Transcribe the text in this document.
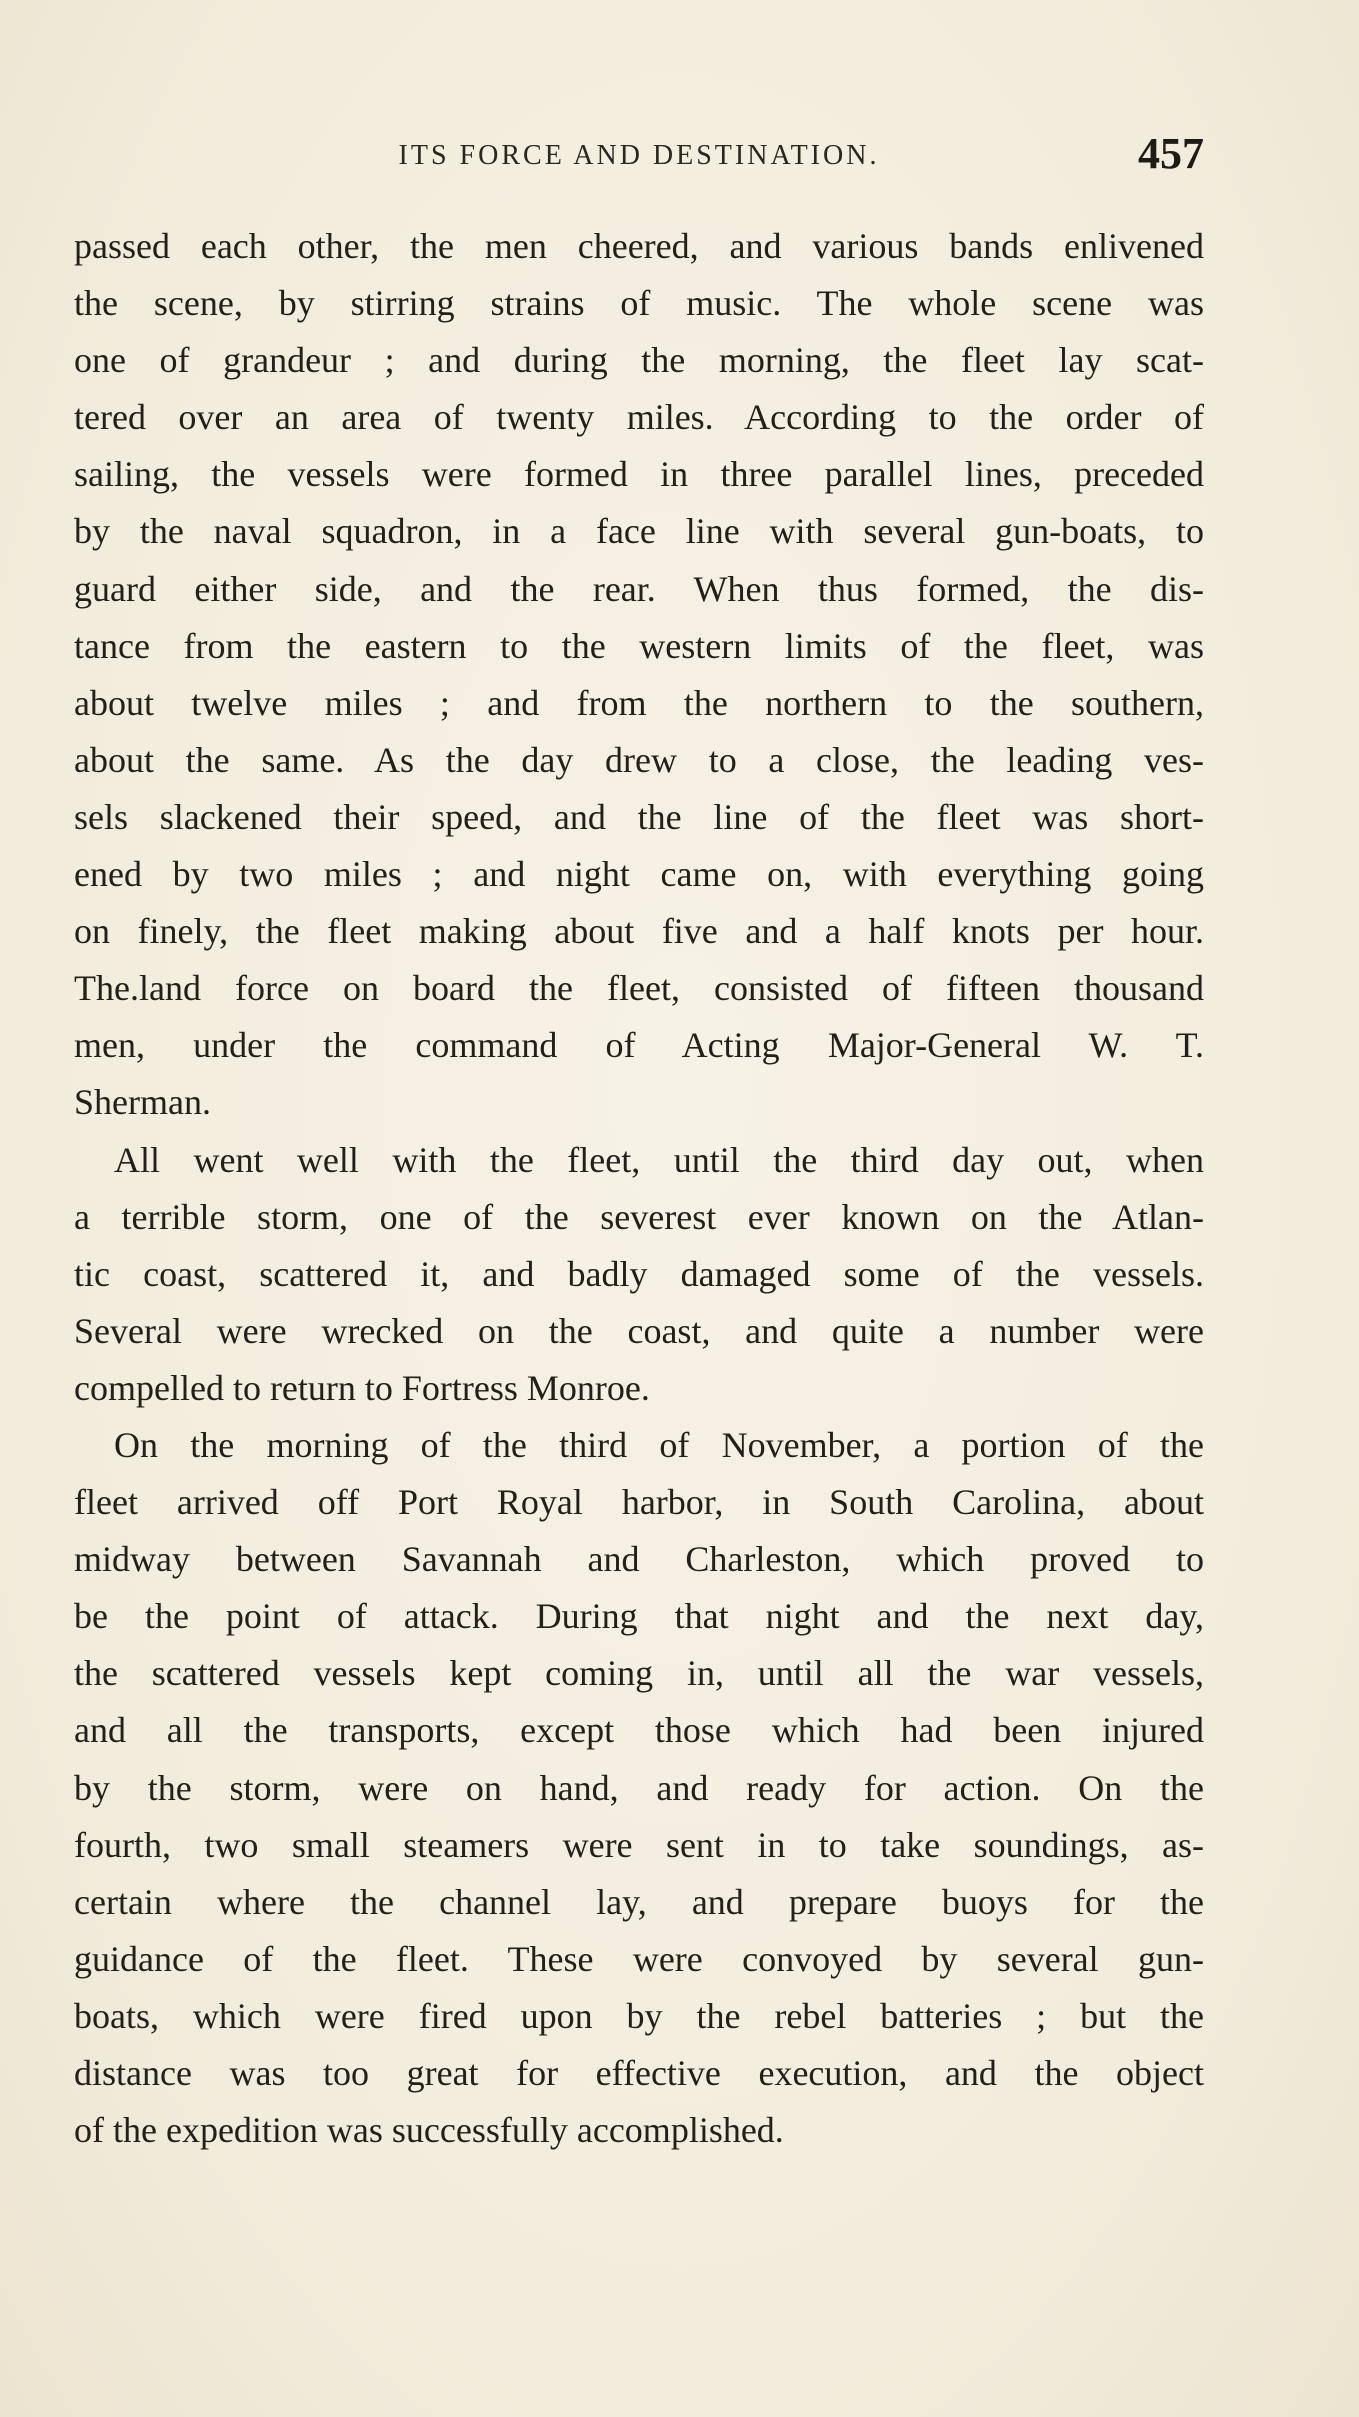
ITS FORCE AND DESTINATION.	457
passed each other, the men cheered, and various bands enlivened
the scene, by stirring strains of music. The whole scene was
one of grandeur ; and during the morning, the fleet lay scat-
tered over an area of twenty miles. According to the order of
sailing, the vessels were formed in three parallel lines, preceded
by the naval squadron, in a face line with several gun-boats, to
guard either side, and the rear. When thus formed, the dis-
tance from the eastern to the western limits of the fleet, was
about twelve miles ; and from the northern to the southern,
about the same. As the day drew to a close, the leading ves-
sels slackened their speed, and the line of the fleet was short-
ened by two miles ; and night came on, with everything going
on finely, the fleet making about five and a half knots per hour.
The.land force on board the fleet, consisted of fifteen thousand
men, under the command of Acting Major-General W. T.
Sherman.
All went well with the fleet, until the third day out, when
a terrible storm, one of the severest ever known on the Atlan-
tic coast, scattered it, and badly damaged some of the vessels.
Several were wrecked on the coast, and quite a number were
compelled to return to Fortress Monroe.
On the morning of the third of November, a portion of the
fleet arrived off Port Royal harbor, in South Carolina, about
midway between Savannah and Charleston, which proved to
be the point of attack. During that night and the next day,
the scattered vessels kept coming in, until all the war vessels,
and all the transports, except those which had been injured
by the storm, were on hand, and ready for action. On the
fourth, two small steamers were sent in to take soundings, as-
certain where the channel lay, and prepare buoys for the
guidance of the fleet. These were convoyed by several gun-
boats, which were fired upon by the rebel batteries ; but the
distance was too great for effective execution, and the object
of the expedition was successfully accomplished.
